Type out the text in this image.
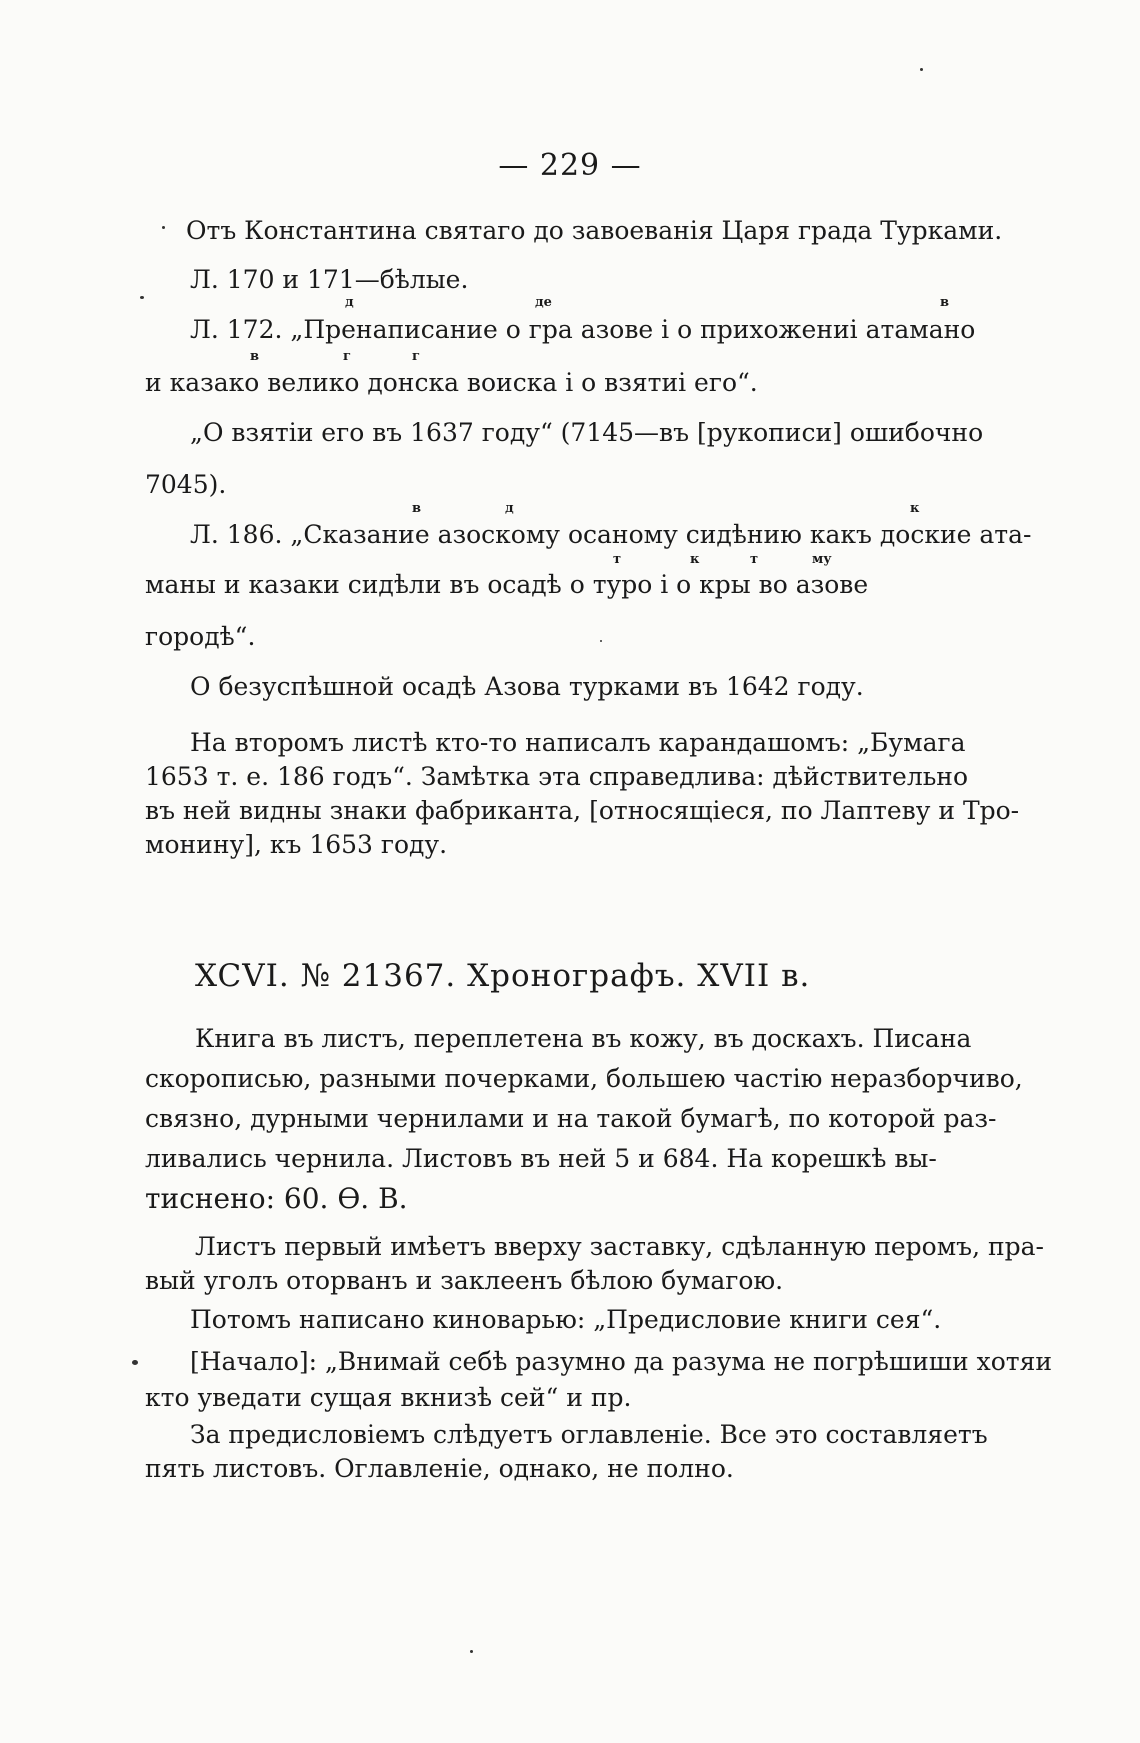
— 229 —
Отъ Константина святаго до завоеванія Царя града Турками.
Л. 170 и 171—бѣлые.
д	де	в
Л. 172. „Пренаписание о гра азове і о прихожениі атамано
в	г	г
и казако велико донска воиска і о взятиі его“.
„О взятіи его въ 1637 году“ (7145—въ [рукописи] ошибочно
7045).
в	д	к
Л. 186. „Сказание азоскому осаному сидѣнию какъ доские ата-
т	к	т	му
маны и казаки сидѣли въ осадѣ о туро і о кры во азове
городѣ“.
О безуспѣшной осадѣ Азова турками въ 1642 году.
На второмъ листѣ кто-то написалъ карандашомъ: „Бумага
1653 т. е. 186 годъ“. Замѣтка эта справедлива: дѣйствительно
въ ней видны знаки фабриканта, [относящіеся, по Лаптеву и Тро-
монину], къ 1653 году.
XCVI. № 21367. Хронографъ. XVII в.
Книга въ листъ, переплетена въ кожу, въ доскахъ. Писана
скорописью, разными почерками, большею частію неразборчиво,
связно, дурными чернилами и на такой бумагѣ, по которой раз-
ливались чернила. Листовъ въ ней 5 и 684. На корешкѣ вы-
тиснено: 60. Ѳ. В.
Листъ первый имѣетъ вверху заставку, сдѣланную перомъ, пра-
вый уголъ оторванъ и заклеенъ бѣлою бумагою.
Потомъ написано киноварью: „Предисловие книги сея“.
[Начало]: „Внимай себѣ разумно да разума не погрѣшиши хотяи
кто уведати сущая вкнизѣ сей“ и пр.
За предисловіемъ слѣдуетъ оглавленіе. Все это составляетъ
пять листовъ. Оглавленіе, однако, не полно.
